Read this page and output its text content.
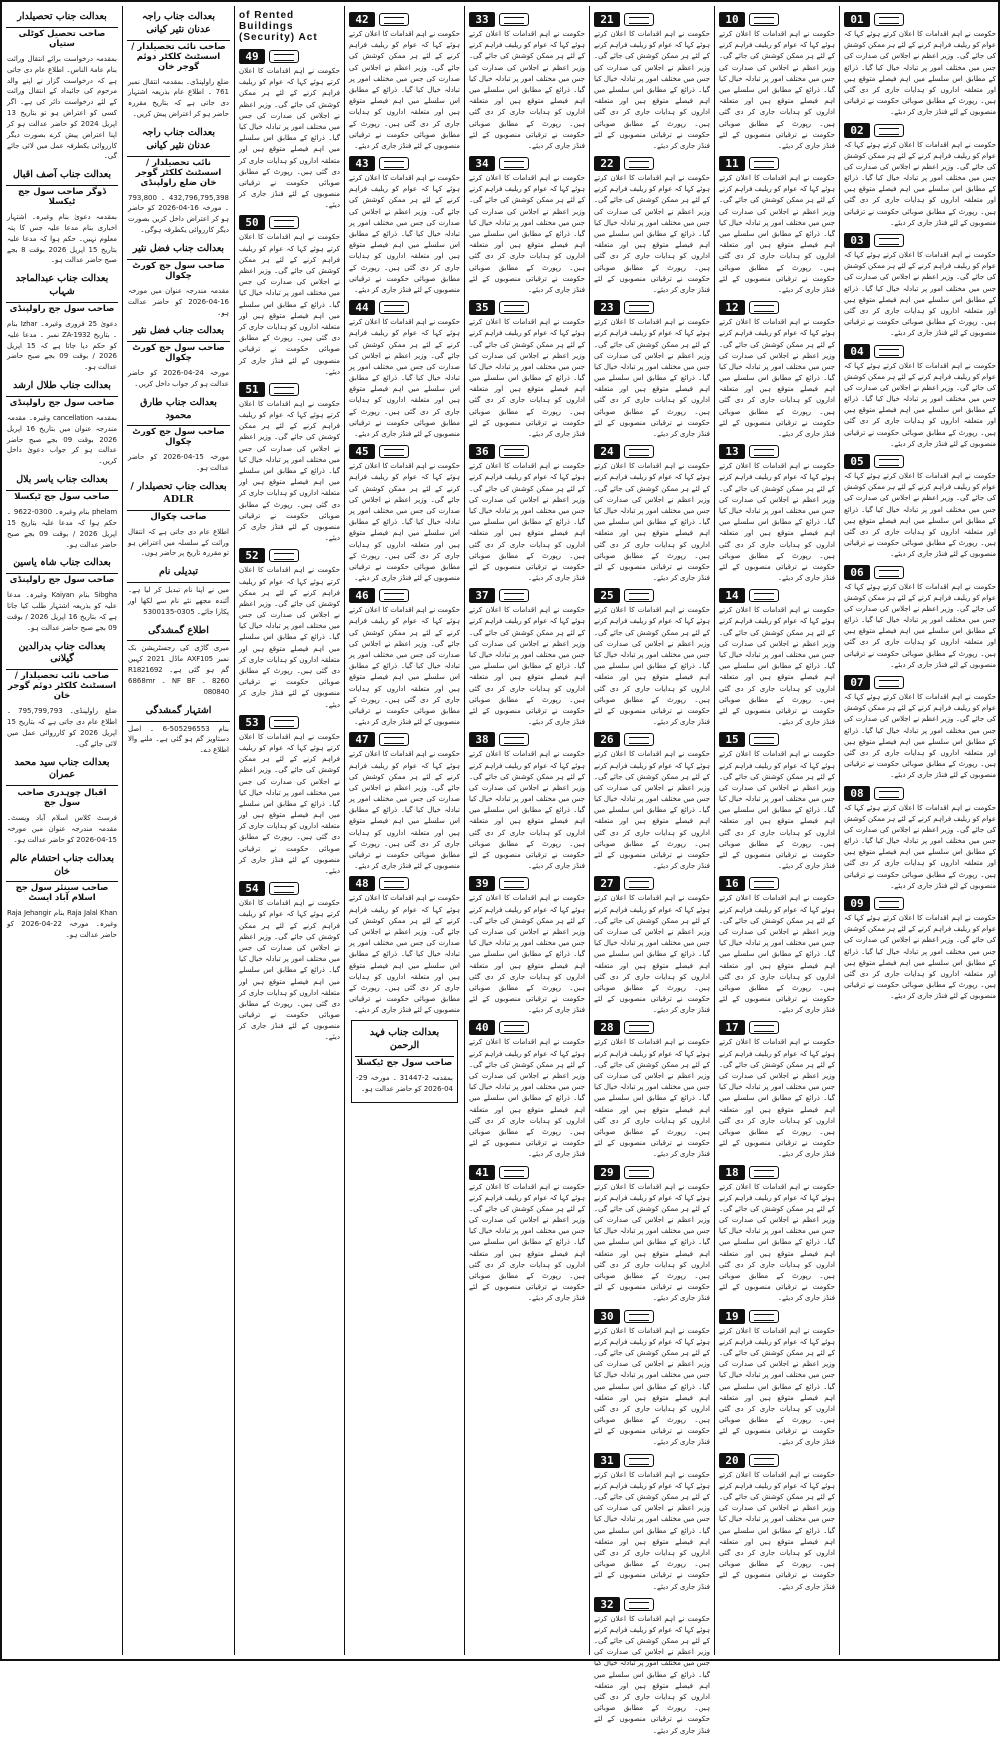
بعدالت جناب تحصیلدار
صاحب تحصیل کوٹلی ستیاں
بمقدمہ درخواست برائے انتقال وراثت بنام عامۃ الناس۔ اطلاع عام دی جاتی ہے کہ درخواست گزار نے اپنے والد مرحوم کی جائیداد کے انتقال وراثت کے لئے درخواست دائر کی ہے۔ اگر کسی کو اعتراض ہو تو بتاریخ 13 اپریل 2024 کو حاضر عدالت ہو کر اپنا اعتراض پیش کرے بصورت دیگر کارروائی یکطرفہ عمل میں لائی جائے گی۔
بعدالت جناب آصف اقبال
ڈوگر صاحب سول جج ٹیکسلا
بمقدمہ دعویٰ بنام وغیرہ۔ اشتہار اخباری بنام مدعا علیہ جس کا پتہ معلوم نہیں۔ حکم ہوا کہ مدعا علیہ بتاریخ 15 اپریل 2026 بوقت 8 بجے صبح حاضر عدالت ہو۔
بعدالت جناب عبدالماجد شہاب
صاحب سول جج راولپنڈی
دعویٰ 25 فروری وغیرہ۔ Izhar بنام ۔ بتاریخ ZA-1932 نمبر ۔ مدعا علیہ کو حکم دیا جاتا ہے کہ 15 اپریل 2026 / بوقت 09 بجے صبح حاضر عدالت ہو۔
بعدالت جناب طلال ارشد
صاحب سول جج راولپنڈی
بمقدمہ cancellation وغیرہ۔ مقدمہ مندرجہ عنوان میں بتاریخ 16 اپریل 2026 بوقت 09 بجے صبح حاضر عدالت ہو کر جواب دعویٰ داخل کریں۔
بعدالت جناب یاسر بلال
صاحب سول جج ٹیکسلا
phelam بنام وغیرہ۔ 0300-9622 ۔ حکم ہوا کہ مدعا علیہ بتاریخ 15 اپریل 2026 / بوقت 09 بجے صبح حاضر عدالت ہو۔
بعدالت جناب شاہ یاسین
صاحب سول جج راولپنڈی
Sibgha بنام Kaiyan وغیرہ۔ مدعا علیہ کو بذریعہ اشتہار طلب کیا جاتا ہے کہ بتاریخ 16 اپریل 2026 / بوقت 09 بجے صبح حاضر عدالت ہو۔
بعدالت جناب بدرالدین گیلانی
صاحب نائب تحصیلدار / اسسٹنٹ کلکٹر دوئم گوجر خان
ضلع راولپنڈی۔ 795,799,793 ۔ اطلاع عام دی جاتی ہے کہ بتاریخ 15 اپریل 2026 کو کارروائی عمل میں لائی جائے گی۔
بعدالت جناب سید محمد عمران
اقبال چوہدری صاحب سول جج
فرسٹ کلاس اسلام آباد ویسٹ۔ مقدمہ مندرجہ عنوان میں مورخہ 15-04-2026 کو حاضر عدالت ہو۔
بعدالت جناب احتشام عالم خان
صاحب سینئر سول جج اسلام آباد ایسٹ
Raja Jalal Khan بنام Raja Jehangir وغیرہ۔ مورخہ 22-04-2026 کو حاضر عدالت ہو۔
بعدالت جناب راجہ عدنان نثیر کیانی
صاحب نائب تحصیلدار / اسسٹنٹ کلکٹر دوئم گوجر خان
ضلع راولپنڈی۔ بمقدمہ انتقال نمبر 761 ۔ اطلاع عام بذریعہ اشتہار دی جاتی ہے کہ بتاریخ مقررہ حاضر ہو کر اعتراض پیش کریں۔
بعدالت جناب راجہ عدنان نثیر کیانی
نائب تحصیلدار / اسسٹنٹ کلکٹر گوجر خان ضلع راولپنڈی
432,796,795,398 ۔ 793,800 ۔ مورخہ 16-04-2026 کو حاضر ہو کر اعتراض داخل کریں بصورت دیگر کارروائی یکطرفہ ہوگی۔
بعدالت جناب فضل نثیر
صاحب سول جج کورٹ چکوال
مقدمہ مندرجہ عنوان میں مورخہ 16-04-2026 کو حاضر عدالت ہو۔
بعدالت جناب فضل نثیر
صاحب سول جج کورٹ چکوال
مورخہ 24-04-2026 کو حاضر عدالت ہو کر جواب داخل کریں۔
بعدالت جناب طارق محمود
صاحب سول جج کورٹ چکوال
مورخہ 15-04-2026 کو حاضر عدالت ہو۔
بعدالت جناب تحصیلدار / ADLR
صاحب چکوال
اطلاع عام دی جاتی ہے کہ انتقال وراثت کے سلسلہ میں اعتراض ہو تو مقررہ تاریخ پر حاضر ہوں۔
تبدیلی نام
میں نے اپنا نام تبدیل کر لیا ہے۔ آئندہ مجھے نئے نام سے لکھا اور پکارا جائے۔ 0305-5300135
اطلاع گمشدگی
میری گاڑی کی رجسٹریشن بک نمبر AXF105 ماڈل 2021 کہیں گم ہو گئی ہے۔ R1821692 8260 ۔ NF BF ۔ 6868mr 080840
اشتہار گمشدگی
بنام 505296553-6 ۔ اصل دستاویز گم ہو گئی ہے۔ ملنے والا اطلاع دے۔
of Rented Buildings (Security) Act
49
حکومت نے اہم اقدامات کا اعلان کرتے ہوئے کہا کہ عوام کو ریلیف فراہم کرنے کے لئے ہر ممکن کوشش کی جائے گی۔ وزیر اعظم نے اجلاس کی صدارت کی جس میں مختلف امور پر تبادلہ خیال کیا گیا۔ ذرائع کے مطابق اس سلسلے میں اہم فیصلے متوقع ہیں اور متعلقہ اداروں کو ہدایات جاری کر دی گئی ہیں۔ رپورٹ کے مطابق صوبائی حکومت نے ترقیاتی منصوبوں کے لئے فنڈز جاری کر دیئے۔
50
حکومت نے اہم اقدامات کا اعلان کرتے ہوئے کہا کہ عوام کو ریلیف فراہم کرنے کے لئے ہر ممکن کوشش کی جائے گی۔ وزیر اعظم نے اجلاس کی صدارت کی جس میں مختلف امور پر تبادلہ خیال کیا گیا۔ ذرائع کے مطابق اس سلسلے میں اہم فیصلے متوقع ہیں اور متعلقہ اداروں کو ہدایات جاری کر دی گئی ہیں۔ رپورٹ کے مطابق صوبائی حکومت نے ترقیاتی منصوبوں کے لئے فنڈز جاری کر دیئے۔
51
حکومت نے اہم اقدامات کا اعلان کرتے ہوئے کہا کہ عوام کو ریلیف فراہم کرنے کے لئے ہر ممکن کوشش کی جائے گی۔ وزیر اعظم نے اجلاس کی صدارت کی جس میں مختلف امور پر تبادلہ خیال کیا گیا۔ ذرائع کے مطابق اس سلسلے میں اہم فیصلے متوقع ہیں اور متعلقہ اداروں کو ہدایات جاری کر دی گئی ہیں۔ رپورٹ کے مطابق صوبائی حکومت نے ترقیاتی منصوبوں کے لئے فنڈز جاری کر دیئے۔
52
حکومت نے اہم اقدامات کا اعلان کرتے ہوئے کہا کہ عوام کو ریلیف فراہم کرنے کے لئے ہر ممکن کوشش کی جائے گی۔ وزیر اعظم نے اجلاس کی صدارت کی جس میں مختلف امور پر تبادلہ خیال کیا گیا۔ ذرائع کے مطابق اس سلسلے میں اہم فیصلے متوقع ہیں اور متعلقہ اداروں کو ہدایات جاری کر دی گئی ہیں۔ رپورٹ کے مطابق صوبائی حکومت نے ترقیاتی منصوبوں کے لئے فنڈز جاری کر دیئے۔
53
حکومت نے اہم اقدامات کا اعلان کرتے ہوئے کہا کہ عوام کو ریلیف فراہم کرنے کے لئے ہر ممکن کوشش کی جائے گی۔ وزیر اعظم نے اجلاس کی صدارت کی جس میں مختلف امور پر تبادلہ خیال کیا گیا۔ ذرائع کے مطابق اس سلسلے میں اہم فیصلے متوقع ہیں اور متعلقہ اداروں کو ہدایات جاری کر دی گئی ہیں۔ رپورٹ کے مطابق صوبائی حکومت نے ترقیاتی منصوبوں کے لئے فنڈز جاری کر دیئے۔
54
حکومت نے اہم اقدامات کا اعلان کرتے ہوئے کہا کہ عوام کو ریلیف فراہم کرنے کے لئے ہر ممکن کوشش کی جائے گی۔ وزیر اعظم نے اجلاس کی صدارت کی جس میں مختلف امور پر تبادلہ خیال کیا گیا۔ ذرائع کے مطابق اس سلسلے میں اہم فیصلے متوقع ہیں اور متعلقہ اداروں کو ہدایات جاری کر دی گئی ہیں۔ رپورٹ کے مطابق صوبائی حکومت نے ترقیاتی منصوبوں کے لئے فنڈز جاری کر دیئے۔
42
حکومت نے اہم اقدامات کا اعلان کرتے ہوئے کہا کہ عوام کو ریلیف فراہم کرنے کے لئے ہر ممکن کوشش کی جائے گی۔ وزیر اعظم نے اجلاس کی صدارت کی جس میں مختلف امور پر تبادلہ خیال کیا گیا۔ ذرائع کے مطابق اس سلسلے میں اہم فیصلے متوقع ہیں اور متعلقہ اداروں کو ہدایات جاری کر دی گئی ہیں۔ رپورٹ کے مطابق صوبائی حکومت نے ترقیاتی منصوبوں کے لئے فنڈز جاری کر دیئے۔
43
حکومت نے اہم اقدامات کا اعلان کرتے ہوئے کہا کہ عوام کو ریلیف فراہم کرنے کے لئے ہر ممکن کوشش کی جائے گی۔ وزیر اعظم نے اجلاس کی صدارت کی جس میں مختلف امور پر تبادلہ خیال کیا گیا۔ ذرائع کے مطابق اس سلسلے میں اہم فیصلے متوقع ہیں اور متعلقہ اداروں کو ہدایات جاری کر دی گئی ہیں۔ رپورٹ کے مطابق صوبائی حکومت نے ترقیاتی منصوبوں کے لئے فنڈز جاری کر دیئے۔
44
حکومت نے اہم اقدامات کا اعلان کرتے ہوئے کہا کہ عوام کو ریلیف فراہم کرنے کے لئے ہر ممکن کوشش کی جائے گی۔ وزیر اعظم نے اجلاس کی صدارت کی جس میں مختلف امور پر تبادلہ خیال کیا گیا۔ ذرائع کے مطابق اس سلسلے میں اہم فیصلے متوقع ہیں اور متعلقہ اداروں کو ہدایات جاری کر دی گئی ہیں۔ رپورٹ کے مطابق صوبائی حکومت نے ترقیاتی منصوبوں کے لئے فنڈز جاری کر دیئے۔
45
حکومت نے اہم اقدامات کا اعلان کرتے ہوئے کہا کہ عوام کو ریلیف فراہم کرنے کے لئے ہر ممکن کوشش کی جائے گی۔ وزیر اعظم نے اجلاس کی صدارت کی جس میں مختلف امور پر تبادلہ خیال کیا گیا۔ ذرائع کے مطابق اس سلسلے میں اہم فیصلے متوقع ہیں اور متعلقہ اداروں کو ہدایات جاری کر دی گئی ہیں۔ رپورٹ کے مطابق صوبائی حکومت نے ترقیاتی منصوبوں کے لئے فنڈز جاری کر دیئے۔
46
حکومت نے اہم اقدامات کا اعلان کرتے ہوئے کہا کہ عوام کو ریلیف فراہم کرنے کے لئے ہر ممکن کوشش کی جائے گی۔ وزیر اعظم نے اجلاس کی صدارت کی جس میں مختلف امور پر تبادلہ خیال کیا گیا۔ ذرائع کے مطابق اس سلسلے میں اہم فیصلے متوقع ہیں اور متعلقہ اداروں کو ہدایات جاری کر دی گئی ہیں۔ رپورٹ کے مطابق صوبائی حکومت نے ترقیاتی منصوبوں کے لئے فنڈز جاری کر دیئے۔
47
حکومت نے اہم اقدامات کا اعلان کرتے ہوئے کہا کہ عوام کو ریلیف فراہم کرنے کے لئے ہر ممکن کوشش کی جائے گی۔ وزیر اعظم نے اجلاس کی صدارت کی جس میں مختلف امور پر تبادلہ خیال کیا گیا۔ ذرائع کے مطابق اس سلسلے میں اہم فیصلے متوقع ہیں اور متعلقہ اداروں کو ہدایات جاری کر دی گئی ہیں۔ رپورٹ کے مطابق صوبائی حکومت نے ترقیاتی منصوبوں کے لئے فنڈز جاری کر دیئے۔
48
حکومت نے اہم اقدامات کا اعلان کرتے ہوئے کہا کہ عوام کو ریلیف فراہم کرنے کے لئے ہر ممکن کوشش کی جائے گی۔ وزیر اعظم نے اجلاس کی صدارت کی جس میں مختلف امور پر تبادلہ خیال کیا گیا۔ ذرائع کے مطابق اس سلسلے میں اہم فیصلے متوقع ہیں اور متعلقہ اداروں کو ہدایات جاری کر دی گئی ہیں۔ رپورٹ کے مطابق صوبائی حکومت نے ترقیاتی منصوبوں کے لئے فنڈز جاری کر دیئے۔
بعدالت جناب فہد الرحمن
صاحب سول جج ٹیکسلا
بمقدمہ 2-31447 ۔ مورخہ 29-04-2026 کو حاضر عدالت ہو۔
33
حکومت نے اہم اقدامات کا اعلان کرتے ہوئے کہا کہ عوام کو ریلیف فراہم کرنے کے لئے ہر ممکن کوشش کی جائے گی۔ وزیر اعظم نے اجلاس کی صدارت کی جس میں مختلف امور پر تبادلہ خیال کیا گیا۔ ذرائع کے مطابق اس سلسلے میں اہم فیصلے متوقع ہیں اور متعلقہ اداروں کو ہدایات جاری کر دی گئی ہیں۔ رپورٹ کے مطابق صوبائی حکومت نے ترقیاتی منصوبوں کے لئے فنڈز جاری کر دیئے۔
34
حکومت نے اہم اقدامات کا اعلان کرتے ہوئے کہا کہ عوام کو ریلیف فراہم کرنے کے لئے ہر ممکن کوشش کی جائے گی۔ وزیر اعظم نے اجلاس کی صدارت کی جس میں مختلف امور پر تبادلہ خیال کیا گیا۔ ذرائع کے مطابق اس سلسلے میں اہم فیصلے متوقع ہیں اور متعلقہ اداروں کو ہدایات جاری کر دی گئی ہیں۔ رپورٹ کے مطابق صوبائی حکومت نے ترقیاتی منصوبوں کے لئے فنڈز جاری کر دیئے۔
35
حکومت نے اہم اقدامات کا اعلان کرتے ہوئے کہا کہ عوام کو ریلیف فراہم کرنے کے لئے ہر ممکن کوشش کی جائے گی۔ وزیر اعظم نے اجلاس کی صدارت کی جس میں مختلف امور پر تبادلہ خیال کیا گیا۔ ذرائع کے مطابق اس سلسلے میں اہم فیصلے متوقع ہیں اور متعلقہ اداروں کو ہدایات جاری کر دی گئی ہیں۔ رپورٹ کے مطابق صوبائی حکومت نے ترقیاتی منصوبوں کے لئے فنڈز جاری کر دیئے۔
36
حکومت نے اہم اقدامات کا اعلان کرتے ہوئے کہا کہ عوام کو ریلیف فراہم کرنے کے لئے ہر ممکن کوشش کی جائے گی۔ وزیر اعظم نے اجلاس کی صدارت کی جس میں مختلف امور پر تبادلہ خیال کیا گیا۔ ذرائع کے مطابق اس سلسلے میں اہم فیصلے متوقع ہیں اور متعلقہ اداروں کو ہدایات جاری کر دی گئی ہیں۔ رپورٹ کے مطابق صوبائی حکومت نے ترقیاتی منصوبوں کے لئے فنڈز جاری کر دیئے۔
37
حکومت نے اہم اقدامات کا اعلان کرتے ہوئے کہا کہ عوام کو ریلیف فراہم کرنے کے لئے ہر ممکن کوشش کی جائے گی۔ وزیر اعظم نے اجلاس کی صدارت کی جس میں مختلف امور پر تبادلہ خیال کیا گیا۔ ذرائع کے مطابق اس سلسلے میں اہم فیصلے متوقع ہیں اور متعلقہ اداروں کو ہدایات جاری کر دی گئی ہیں۔ رپورٹ کے مطابق صوبائی حکومت نے ترقیاتی منصوبوں کے لئے فنڈز جاری کر دیئے۔
38
حکومت نے اہم اقدامات کا اعلان کرتے ہوئے کہا کہ عوام کو ریلیف فراہم کرنے کے لئے ہر ممکن کوشش کی جائے گی۔ وزیر اعظم نے اجلاس کی صدارت کی جس میں مختلف امور پر تبادلہ خیال کیا گیا۔ ذرائع کے مطابق اس سلسلے میں اہم فیصلے متوقع ہیں اور متعلقہ اداروں کو ہدایات جاری کر دی گئی ہیں۔ رپورٹ کے مطابق صوبائی حکومت نے ترقیاتی منصوبوں کے لئے فنڈز جاری کر دیئے۔
39
حکومت نے اہم اقدامات کا اعلان کرتے ہوئے کہا کہ عوام کو ریلیف فراہم کرنے کے لئے ہر ممکن کوشش کی جائے گی۔ وزیر اعظم نے اجلاس کی صدارت کی جس میں مختلف امور پر تبادلہ خیال کیا گیا۔ ذرائع کے مطابق اس سلسلے میں اہم فیصلے متوقع ہیں اور متعلقہ اداروں کو ہدایات جاری کر دی گئی ہیں۔ رپورٹ کے مطابق صوبائی حکومت نے ترقیاتی منصوبوں کے لئے فنڈز جاری کر دیئے۔
40
حکومت نے اہم اقدامات کا اعلان کرتے ہوئے کہا کہ عوام کو ریلیف فراہم کرنے کے لئے ہر ممکن کوشش کی جائے گی۔ وزیر اعظم نے اجلاس کی صدارت کی جس میں مختلف امور پر تبادلہ خیال کیا گیا۔ ذرائع کے مطابق اس سلسلے میں اہم فیصلے متوقع ہیں اور متعلقہ اداروں کو ہدایات جاری کر دی گئی ہیں۔ رپورٹ کے مطابق صوبائی حکومت نے ترقیاتی منصوبوں کے لئے فنڈز جاری کر دیئے۔
41
حکومت نے اہم اقدامات کا اعلان کرتے ہوئے کہا کہ عوام کو ریلیف فراہم کرنے کے لئے ہر ممکن کوشش کی جائے گی۔ وزیر اعظم نے اجلاس کی صدارت کی جس میں مختلف امور پر تبادلہ خیال کیا گیا۔ ذرائع کے مطابق اس سلسلے میں اہم فیصلے متوقع ہیں اور متعلقہ اداروں کو ہدایات جاری کر دی گئی ہیں۔ رپورٹ کے مطابق صوبائی حکومت نے ترقیاتی منصوبوں کے لئے فنڈز جاری کر دیئے۔
21
حکومت نے اہم اقدامات کا اعلان کرتے ہوئے کہا کہ عوام کو ریلیف فراہم کرنے کے لئے ہر ممکن کوشش کی جائے گی۔ وزیر اعظم نے اجلاس کی صدارت کی جس میں مختلف امور پر تبادلہ خیال کیا گیا۔ ذرائع کے مطابق اس سلسلے میں اہم فیصلے متوقع ہیں اور متعلقہ اداروں کو ہدایات جاری کر دی گئی ہیں۔ رپورٹ کے مطابق صوبائی حکومت نے ترقیاتی منصوبوں کے لئے فنڈز جاری کر دیئے۔
22
حکومت نے اہم اقدامات کا اعلان کرتے ہوئے کہا کہ عوام کو ریلیف فراہم کرنے کے لئے ہر ممکن کوشش کی جائے گی۔ وزیر اعظم نے اجلاس کی صدارت کی جس میں مختلف امور پر تبادلہ خیال کیا گیا۔ ذرائع کے مطابق اس سلسلے میں اہم فیصلے متوقع ہیں اور متعلقہ اداروں کو ہدایات جاری کر دی گئی ہیں۔ رپورٹ کے مطابق صوبائی حکومت نے ترقیاتی منصوبوں کے لئے فنڈز جاری کر دیئے۔
23
حکومت نے اہم اقدامات کا اعلان کرتے ہوئے کہا کہ عوام کو ریلیف فراہم کرنے کے لئے ہر ممکن کوشش کی جائے گی۔ وزیر اعظم نے اجلاس کی صدارت کی جس میں مختلف امور پر تبادلہ خیال کیا گیا۔ ذرائع کے مطابق اس سلسلے میں اہم فیصلے متوقع ہیں اور متعلقہ اداروں کو ہدایات جاری کر دی گئی ہیں۔ رپورٹ کے مطابق صوبائی حکومت نے ترقیاتی منصوبوں کے لئے فنڈز جاری کر دیئے۔
24
حکومت نے اہم اقدامات کا اعلان کرتے ہوئے کہا کہ عوام کو ریلیف فراہم کرنے کے لئے ہر ممکن کوشش کی جائے گی۔ وزیر اعظم نے اجلاس کی صدارت کی جس میں مختلف امور پر تبادلہ خیال کیا گیا۔ ذرائع کے مطابق اس سلسلے میں اہم فیصلے متوقع ہیں اور متعلقہ اداروں کو ہدایات جاری کر دی گئی ہیں۔ رپورٹ کے مطابق صوبائی حکومت نے ترقیاتی منصوبوں کے لئے فنڈز جاری کر دیئے۔
25
حکومت نے اہم اقدامات کا اعلان کرتے ہوئے کہا کہ عوام کو ریلیف فراہم کرنے کے لئے ہر ممکن کوشش کی جائے گی۔ وزیر اعظم نے اجلاس کی صدارت کی جس میں مختلف امور پر تبادلہ خیال کیا گیا۔ ذرائع کے مطابق اس سلسلے میں اہم فیصلے متوقع ہیں اور متعلقہ اداروں کو ہدایات جاری کر دی گئی ہیں۔ رپورٹ کے مطابق صوبائی حکومت نے ترقیاتی منصوبوں کے لئے فنڈز جاری کر دیئے۔
26
حکومت نے اہم اقدامات کا اعلان کرتے ہوئے کہا کہ عوام کو ریلیف فراہم کرنے کے لئے ہر ممکن کوشش کی جائے گی۔ وزیر اعظم نے اجلاس کی صدارت کی جس میں مختلف امور پر تبادلہ خیال کیا گیا۔ ذرائع کے مطابق اس سلسلے میں اہم فیصلے متوقع ہیں اور متعلقہ اداروں کو ہدایات جاری کر دی گئی ہیں۔ رپورٹ کے مطابق صوبائی حکومت نے ترقیاتی منصوبوں کے لئے فنڈز جاری کر دیئے۔
27
حکومت نے اہم اقدامات کا اعلان کرتے ہوئے کہا کہ عوام کو ریلیف فراہم کرنے کے لئے ہر ممکن کوشش کی جائے گی۔ وزیر اعظم نے اجلاس کی صدارت کی جس میں مختلف امور پر تبادلہ خیال کیا گیا۔ ذرائع کے مطابق اس سلسلے میں اہم فیصلے متوقع ہیں اور متعلقہ اداروں کو ہدایات جاری کر دی گئی ہیں۔ رپورٹ کے مطابق صوبائی حکومت نے ترقیاتی منصوبوں کے لئے فنڈز جاری کر دیئے۔
28
حکومت نے اہم اقدامات کا اعلان کرتے ہوئے کہا کہ عوام کو ریلیف فراہم کرنے کے لئے ہر ممکن کوشش کی جائے گی۔ وزیر اعظم نے اجلاس کی صدارت کی جس میں مختلف امور پر تبادلہ خیال کیا گیا۔ ذرائع کے مطابق اس سلسلے میں اہم فیصلے متوقع ہیں اور متعلقہ اداروں کو ہدایات جاری کر دی گئی ہیں۔ رپورٹ کے مطابق صوبائی حکومت نے ترقیاتی منصوبوں کے لئے فنڈز جاری کر دیئے۔
29
حکومت نے اہم اقدامات کا اعلان کرتے ہوئے کہا کہ عوام کو ریلیف فراہم کرنے کے لئے ہر ممکن کوشش کی جائے گی۔ وزیر اعظم نے اجلاس کی صدارت کی جس میں مختلف امور پر تبادلہ خیال کیا گیا۔ ذرائع کے مطابق اس سلسلے میں اہم فیصلے متوقع ہیں اور متعلقہ اداروں کو ہدایات جاری کر دی گئی ہیں۔ رپورٹ کے مطابق صوبائی حکومت نے ترقیاتی منصوبوں کے لئے فنڈز جاری کر دیئے۔
30
حکومت نے اہم اقدامات کا اعلان کرتے ہوئے کہا کہ عوام کو ریلیف فراہم کرنے کے لئے ہر ممکن کوشش کی جائے گی۔ وزیر اعظم نے اجلاس کی صدارت کی جس میں مختلف امور پر تبادلہ خیال کیا گیا۔ ذرائع کے مطابق اس سلسلے میں اہم فیصلے متوقع ہیں اور متعلقہ اداروں کو ہدایات جاری کر دی گئی ہیں۔ رپورٹ کے مطابق صوبائی حکومت نے ترقیاتی منصوبوں کے لئے فنڈز جاری کر دیئے۔
31
حکومت نے اہم اقدامات کا اعلان کرتے ہوئے کہا کہ عوام کو ریلیف فراہم کرنے کے لئے ہر ممکن کوشش کی جائے گی۔ وزیر اعظم نے اجلاس کی صدارت کی جس میں مختلف امور پر تبادلہ خیال کیا گیا۔ ذرائع کے مطابق اس سلسلے میں اہم فیصلے متوقع ہیں اور متعلقہ اداروں کو ہدایات جاری کر دی گئی ہیں۔ رپورٹ کے مطابق صوبائی حکومت نے ترقیاتی منصوبوں کے لئے فنڈز جاری کر دیئے۔
32
حکومت نے اہم اقدامات کا اعلان کرتے ہوئے کہا کہ عوام کو ریلیف فراہم کرنے کے لئے ہر ممکن کوشش کی جائے گی۔ وزیر اعظم نے اجلاس کی صدارت کی جس میں مختلف امور پر تبادلہ خیال کیا گیا۔ ذرائع کے مطابق اس سلسلے میں اہم فیصلے متوقع ہیں اور متعلقہ اداروں کو ہدایات جاری کر دی گئی ہیں۔ رپورٹ کے مطابق صوبائی حکومت نے ترقیاتی منصوبوں کے لئے فنڈز جاری کر دیئے۔
10
حکومت نے اہم اقدامات کا اعلان کرتے ہوئے کہا کہ عوام کو ریلیف فراہم کرنے کے لئے ہر ممکن کوشش کی جائے گی۔ وزیر اعظم نے اجلاس کی صدارت کی جس میں مختلف امور پر تبادلہ خیال کیا گیا۔ ذرائع کے مطابق اس سلسلے میں اہم فیصلے متوقع ہیں اور متعلقہ اداروں کو ہدایات جاری کر دی گئی ہیں۔ رپورٹ کے مطابق صوبائی حکومت نے ترقیاتی منصوبوں کے لئے فنڈز جاری کر دیئے۔
11
حکومت نے اہم اقدامات کا اعلان کرتے ہوئے کہا کہ عوام کو ریلیف فراہم کرنے کے لئے ہر ممکن کوشش کی جائے گی۔ وزیر اعظم نے اجلاس کی صدارت کی جس میں مختلف امور پر تبادلہ خیال کیا گیا۔ ذرائع کے مطابق اس سلسلے میں اہم فیصلے متوقع ہیں اور متعلقہ اداروں کو ہدایات جاری کر دی گئی ہیں۔ رپورٹ کے مطابق صوبائی حکومت نے ترقیاتی منصوبوں کے لئے فنڈز جاری کر دیئے۔
12
حکومت نے اہم اقدامات کا اعلان کرتے ہوئے کہا کہ عوام کو ریلیف فراہم کرنے کے لئے ہر ممکن کوشش کی جائے گی۔ وزیر اعظم نے اجلاس کی صدارت کی جس میں مختلف امور پر تبادلہ خیال کیا گیا۔ ذرائع کے مطابق اس سلسلے میں اہم فیصلے متوقع ہیں اور متعلقہ اداروں کو ہدایات جاری کر دی گئی ہیں۔ رپورٹ کے مطابق صوبائی حکومت نے ترقیاتی منصوبوں کے لئے فنڈز جاری کر دیئے۔
13
حکومت نے اہم اقدامات کا اعلان کرتے ہوئے کہا کہ عوام کو ریلیف فراہم کرنے کے لئے ہر ممکن کوشش کی جائے گی۔ وزیر اعظم نے اجلاس کی صدارت کی جس میں مختلف امور پر تبادلہ خیال کیا گیا۔ ذرائع کے مطابق اس سلسلے میں اہم فیصلے متوقع ہیں اور متعلقہ اداروں کو ہدایات جاری کر دی گئی ہیں۔ رپورٹ کے مطابق صوبائی حکومت نے ترقیاتی منصوبوں کے لئے فنڈز جاری کر دیئے۔
14
حکومت نے اہم اقدامات کا اعلان کرتے ہوئے کہا کہ عوام کو ریلیف فراہم کرنے کے لئے ہر ممکن کوشش کی جائے گی۔ وزیر اعظم نے اجلاس کی صدارت کی جس میں مختلف امور پر تبادلہ خیال کیا گیا۔ ذرائع کے مطابق اس سلسلے میں اہم فیصلے متوقع ہیں اور متعلقہ اداروں کو ہدایات جاری کر دی گئی ہیں۔ رپورٹ کے مطابق صوبائی حکومت نے ترقیاتی منصوبوں کے لئے فنڈز جاری کر دیئے۔
15
حکومت نے اہم اقدامات کا اعلان کرتے ہوئے کہا کہ عوام کو ریلیف فراہم کرنے کے لئے ہر ممکن کوشش کی جائے گی۔ وزیر اعظم نے اجلاس کی صدارت کی جس میں مختلف امور پر تبادلہ خیال کیا گیا۔ ذرائع کے مطابق اس سلسلے میں اہم فیصلے متوقع ہیں اور متعلقہ اداروں کو ہدایات جاری کر دی گئی ہیں۔ رپورٹ کے مطابق صوبائی حکومت نے ترقیاتی منصوبوں کے لئے فنڈز جاری کر دیئے۔
16
حکومت نے اہم اقدامات کا اعلان کرتے ہوئے کہا کہ عوام کو ریلیف فراہم کرنے کے لئے ہر ممکن کوشش کی جائے گی۔ وزیر اعظم نے اجلاس کی صدارت کی جس میں مختلف امور پر تبادلہ خیال کیا گیا۔ ذرائع کے مطابق اس سلسلے میں اہم فیصلے متوقع ہیں اور متعلقہ اداروں کو ہدایات جاری کر دی گئی ہیں۔ رپورٹ کے مطابق صوبائی حکومت نے ترقیاتی منصوبوں کے لئے فنڈز جاری کر دیئے۔
17
حکومت نے اہم اقدامات کا اعلان کرتے ہوئے کہا کہ عوام کو ریلیف فراہم کرنے کے لئے ہر ممکن کوشش کی جائے گی۔ وزیر اعظم نے اجلاس کی صدارت کی جس میں مختلف امور پر تبادلہ خیال کیا گیا۔ ذرائع کے مطابق اس سلسلے میں اہم فیصلے متوقع ہیں اور متعلقہ اداروں کو ہدایات جاری کر دی گئی ہیں۔ رپورٹ کے مطابق صوبائی حکومت نے ترقیاتی منصوبوں کے لئے فنڈز جاری کر دیئے۔
18
حکومت نے اہم اقدامات کا اعلان کرتے ہوئے کہا کہ عوام کو ریلیف فراہم کرنے کے لئے ہر ممکن کوشش کی جائے گی۔ وزیر اعظم نے اجلاس کی صدارت کی جس میں مختلف امور پر تبادلہ خیال کیا گیا۔ ذرائع کے مطابق اس سلسلے میں اہم فیصلے متوقع ہیں اور متعلقہ اداروں کو ہدایات جاری کر دی گئی ہیں۔ رپورٹ کے مطابق صوبائی حکومت نے ترقیاتی منصوبوں کے لئے فنڈز جاری کر دیئے۔
19
حکومت نے اہم اقدامات کا اعلان کرتے ہوئے کہا کہ عوام کو ریلیف فراہم کرنے کے لئے ہر ممکن کوشش کی جائے گی۔ وزیر اعظم نے اجلاس کی صدارت کی جس میں مختلف امور پر تبادلہ خیال کیا گیا۔ ذرائع کے مطابق اس سلسلے میں اہم فیصلے متوقع ہیں اور متعلقہ اداروں کو ہدایات جاری کر دی گئی ہیں۔ رپورٹ کے مطابق صوبائی حکومت نے ترقیاتی منصوبوں کے لئے فنڈز جاری کر دیئے۔
20
حکومت نے اہم اقدامات کا اعلان کرتے ہوئے کہا کہ عوام کو ریلیف فراہم کرنے کے لئے ہر ممکن کوشش کی جائے گی۔ وزیر اعظم نے اجلاس کی صدارت کی جس میں مختلف امور پر تبادلہ خیال کیا گیا۔ ذرائع کے مطابق اس سلسلے میں اہم فیصلے متوقع ہیں اور متعلقہ اداروں کو ہدایات جاری کر دی گئی ہیں۔ رپورٹ کے مطابق صوبائی حکومت نے ترقیاتی منصوبوں کے لئے فنڈز جاری کر دیئے۔
01
حکومت نے اہم اقدامات کا اعلان کرتے ہوئے کہا کہ عوام کو ریلیف فراہم کرنے کے لئے ہر ممکن کوشش کی جائے گی۔ وزیر اعظم نے اجلاس کی صدارت کی جس میں مختلف امور پر تبادلہ خیال کیا گیا۔ ذرائع کے مطابق اس سلسلے میں اہم فیصلے متوقع ہیں اور متعلقہ اداروں کو ہدایات جاری کر دی گئی ہیں۔ رپورٹ کے مطابق صوبائی حکومت نے ترقیاتی منصوبوں کے لئے فنڈز جاری کر دیئے۔
02
حکومت نے اہم اقدامات کا اعلان کرتے ہوئے کہا کہ عوام کو ریلیف فراہم کرنے کے لئے ہر ممکن کوشش کی جائے گی۔ وزیر اعظم نے اجلاس کی صدارت کی جس میں مختلف امور پر تبادلہ خیال کیا گیا۔ ذرائع کے مطابق اس سلسلے میں اہم فیصلے متوقع ہیں اور متعلقہ اداروں کو ہدایات جاری کر دی گئی ہیں۔ رپورٹ کے مطابق صوبائی حکومت نے ترقیاتی منصوبوں کے لئے فنڈز جاری کر دیئے۔
03
حکومت نے اہم اقدامات کا اعلان کرتے ہوئے کہا کہ عوام کو ریلیف فراہم کرنے کے لئے ہر ممکن کوشش کی جائے گی۔ وزیر اعظم نے اجلاس کی صدارت کی جس میں مختلف امور پر تبادلہ خیال کیا گیا۔ ذرائع کے مطابق اس سلسلے میں اہم فیصلے متوقع ہیں اور متعلقہ اداروں کو ہدایات جاری کر دی گئی ہیں۔ رپورٹ کے مطابق صوبائی حکومت نے ترقیاتی منصوبوں کے لئے فنڈز جاری کر دیئے۔
04
حکومت نے اہم اقدامات کا اعلان کرتے ہوئے کہا کہ عوام کو ریلیف فراہم کرنے کے لئے ہر ممکن کوشش کی جائے گی۔ وزیر اعظم نے اجلاس کی صدارت کی جس میں مختلف امور پر تبادلہ خیال کیا گیا۔ ذرائع کے مطابق اس سلسلے میں اہم فیصلے متوقع ہیں اور متعلقہ اداروں کو ہدایات جاری کر دی گئی ہیں۔ رپورٹ کے مطابق صوبائی حکومت نے ترقیاتی منصوبوں کے لئے فنڈز جاری کر دیئے۔
05
حکومت نے اہم اقدامات کا اعلان کرتے ہوئے کہا کہ عوام کو ریلیف فراہم کرنے کے لئے ہر ممکن کوشش کی جائے گی۔ وزیر اعظم نے اجلاس کی صدارت کی جس میں مختلف امور پر تبادلہ خیال کیا گیا۔ ذرائع کے مطابق اس سلسلے میں اہم فیصلے متوقع ہیں اور متعلقہ اداروں کو ہدایات جاری کر دی گئی ہیں۔ رپورٹ کے مطابق صوبائی حکومت نے ترقیاتی منصوبوں کے لئے فنڈز جاری کر دیئے۔
06
حکومت نے اہم اقدامات کا اعلان کرتے ہوئے کہا کہ عوام کو ریلیف فراہم کرنے کے لئے ہر ممکن کوشش کی جائے گی۔ وزیر اعظم نے اجلاس کی صدارت کی جس میں مختلف امور پر تبادلہ خیال کیا گیا۔ ذرائع کے مطابق اس سلسلے میں اہم فیصلے متوقع ہیں اور متعلقہ اداروں کو ہدایات جاری کر دی گئی ہیں۔ رپورٹ کے مطابق صوبائی حکومت نے ترقیاتی منصوبوں کے لئے فنڈز جاری کر دیئے۔
07
حکومت نے اہم اقدامات کا اعلان کرتے ہوئے کہا کہ عوام کو ریلیف فراہم کرنے کے لئے ہر ممکن کوشش کی جائے گی۔ وزیر اعظم نے اجلاس کی صدارت کی جس میں مختلف امور پر تبادلہ خیال کیا گیا۔ ذرائع کے مطابق اس سلسلے میں اہم فیصلے متوقع ہیں اور متعلقہ اداروں کو ہدایات جاری کر دی گئی ہیں۔ رپورٹ کے مطابق صوبائی حکومت نے ترقیاتی منصوبوں کے لئے فنڈز جاری کر دیئے۔
08
حکومت نے اہم اقدامات کا اعلان کرتے ہوئے کہا کہ عوام کو ریلیف فراہم کرنے کے لئے ہر ممکن کوشش کی جائے گی۔ وزیر اعظم نے اجلاس کی صدارت کی جس میں مختلف امور پر تبادلہ خیال کیا گیا۔ ذرائع کے مطابق اس سلسلے میں اہم فیصلے متوقع ہیں اور متعلقہ اداروں کو ہدایات جاری کر دی گئی ہیں۔ رپورٹ کے مطابق صوبائی حکومت نے ترقیاتی منصوبوں کے لئے فنڈز جاری کر دیئے۔
09
حکومت نے اہم اقدامات کا اعلان کرتے ہوئے کہا کہ عوام کو ریلیف فراہم کرنے کے لئے ہر ممکن کوشش کی جائے گی۔ وزیر اعظم نے اجلاس کی صدارت کی جس میں مختلف امور پر تبادلہ خیال کیا گیا۔ ذرائع کے مطابق اس سلسلے میں اہم فیصلے متوقع ہیں اور متعلقہ اداروں کو ہدایات جاری کر دی گئی ہیں۔ رپورٹ کے مطابق صوبائی حکومت نے ترقیاتی منصوبوں کے لئے فنڈز جاری کر دیئے۔
